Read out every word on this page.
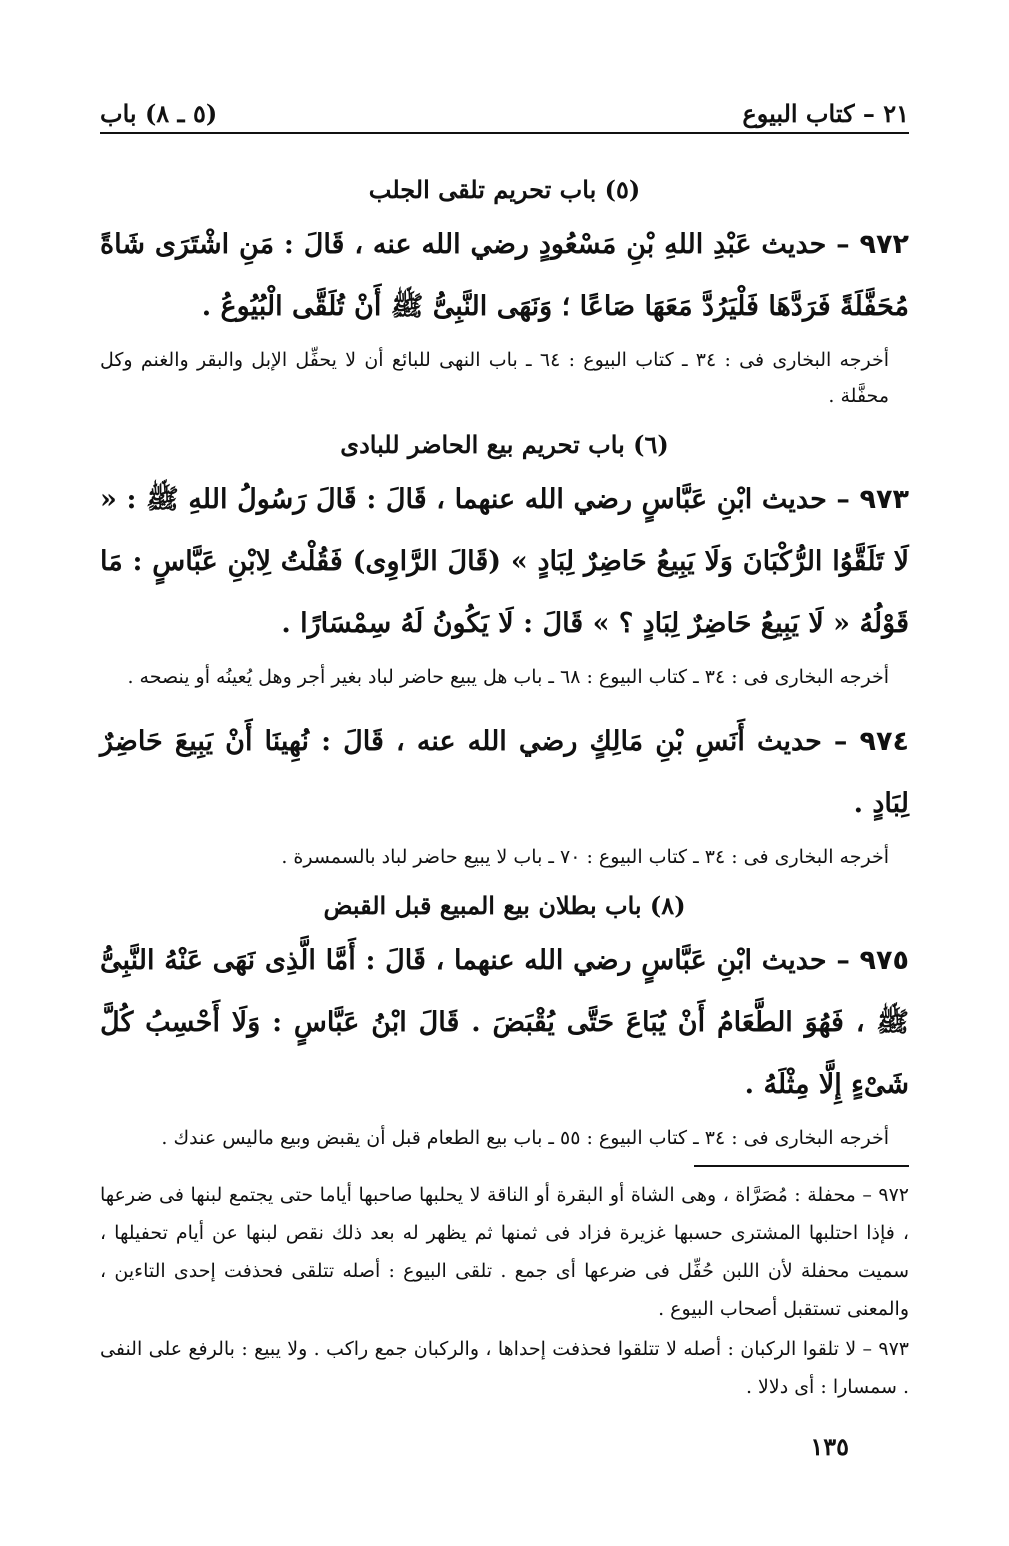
٢١ – كتاب البيوع
(٥ ـ ٨) باب
(٥) باب تحريم تلقى الجلب

٩٧٢ – حديث عَبْدِ اللهِ بْنِ مَسْعُودٍ رضي الله عنه ، قَالَ : مَنِ اشْتَرَى شَاةً مُحَفَّلَةً فَرَدَّهَا فَلْيَرُدَّ مَعَهَا صَاعًا ؛ وَنَهَى النَّبِىُّ ﷺ أَنْ تُلَقَّى الْبُيُوعُ .

أخرجه البخارى فى : ٣٤ ـ كتاب البيوع : ٦٤ ـ باب النهى للبائع أن لا يحفِّل الإبل والبقر والغنم وكل محفَّلة .

(٦) باب تحريم بيع الحاضر للبادى

٩٧٣ – حديث ابْنِ عَبَّاسٍ رضي الله عنهما ، قَالَ : قَالَ رَسُولُ اللهِ ﷺ : « لَا تَلَقَّوُا الرُّكْبَانَ وَلَا يَبِيعُ حَاضِرٌ لِبَادٍ » (قَالَ الرَّاوِى) فَقُلْتُ لِابْنِ عَبَّاسٍ : مَا قَوْلُهُ « لَا يَبِيعُ حَاضِرٌ لِبَادٍ ؟ » قَالَ : لَا يَكُونُ لَهُ سِمْسَارًا .

أخرجه البخارى فى : ٣٤ ـ كتاب البيوع : ٦٨ ـ باب هل يبيع حاضر لباد بغير أجر وهل يُعينُه أو ينصحه .

٩٧٤ – حديث أَنَسِ بْنِ مَالِكٍ رضي الله عنه ، قَالَ : نُهِينَا أَنْ يَبِيعَ حَاضِرٌ لِبَادٍ .

أخرجه البخارى فى : ٣٤ ـ كتاب البيوع : ٧٠ ـ باب لا يبيع حاضر لباد بالسمسرة .

(٨) باب بطلان بيع المبيع قبل القبض

٩٧٥ – حديث ابْنِ عَبَّاسٍ رضي الله عنهما ، قَالَ : أَمَّا الَّذِى نَهَى عَنْهُ النَّبِىُّ ﷺ ، فَهُوَ الطَّعَامُ أَنْ يُبَاعَ حَتَّى يُقْبَضَ . قَالَ ابْنُ عَبَّاسٍ : وَلَا أَحْسِبُ كُلَّ شَىْءٍ إِلَّا مِثْلَهُ .

أخرجه البخارى فى : ٣٤ ـ كتاب البيوع : ٥٥ ـ باب بيع الطعام قبل أن يقبض وبيع ماليس عندك .

٩٧٢ – محفلة : مُصَرَّاة ، وهى الشاة أو البقرة أو الناقة لا يحلبها صاحبها أياما حتى يجتمع لبنها فى ضرعها ، فإذا احتلبها المشترى حسبها غزيرة فزاد فى ثمنها ثم يظهر له بعد ذلك نقص لبنها عن أيام تحفيلها ، سميت محفلة لأن اللبن حُفِّل فى ضرعها أى جمع . تلقى البيوع : أصله تتلقى فحذفت إحدى التاءين ، والمعنى تستقبل أصحاب البيوع .

٩٧٣ – لا تلقوا الركبان : أصله لا تتلقوا فحذفت إحداها ، والركبان جمع راكب . ولا يبيع : بالرفع على النفى . سمسارا : أى دلالا .

١٣٥
